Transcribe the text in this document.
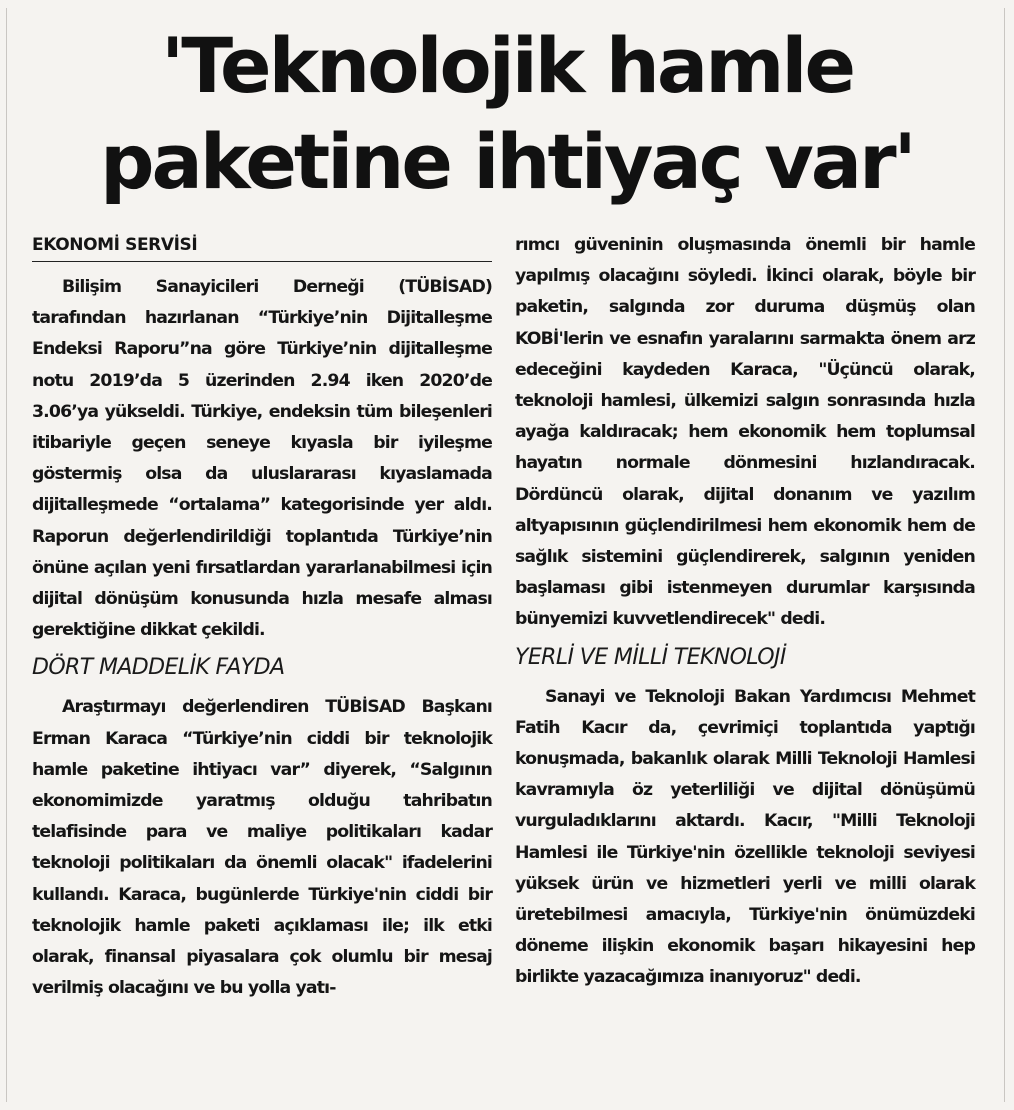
'Teknolojik hamle
paketine ihtiyaç var'
EKONOMİ SERVİSİ

Bilişim Sanayicileri Derneği (TÜBİSAD) tarafından hazırlanan “Türkiye’nin Dijitalleşme Endeksi Raporu”na göre Türkiye’nin dijitalleşme notu 2019’da 5 üzerinden 2.94 iken 2020’de 3.06’ya yükseldi. Türkiye, endeksin tüm bileşenleri itibariyle geçen seneye kıyasla bir iyileşme göstermiş olsa da uluslararası kıyaslamada dijitalleşmede “ortalama” kategorisinde yer aldı. Raporun değerlendirildiği toplantıda Türkiye’nin önüne açılan yeni fırsatlardan yararlanabilmesi için dijital dönüşüm konusunda hızla mesafe alması gerektiğine dikkat çekildi.

DÖRT MADDELİK FAYDA

Araştırmayı değerlendiren TÜBİSAD Başkanı Erman Karaca “Türkiye’nin ciddi bir teknolojik hamle paketine ihtiyacı var” diyerek, “Salgının ekonomimizde yaratmış olduğu tahribatın telafisinde para ve maliye politikaları kadar teknoloji politikaları da önemli olacak" ifadelerini kullandı. Karaca, bugünlerde Türkiye'nin ciddi bir teknolojik hamle paketi açıklaması ile; ilk etki olarak, finansal piyasalara çok olumlu bir mesaj verilmiş olacağını ve bu yolla yatı-

rımcı güveninin oluşmasında önemli bir hamle yapılmış olacağını söyledi. İkinci olarak, böyle bir paketin, salgında zor duruma düşmüş olan KOBİ'lerin ve esnafın yaralarını sarmakta önem arz edeceğini kaydeden Karaca, "Üçüncü olarak, teknoloji hamlesi, ülkemizi salgın sonrasında hızla ayağa kaldıracak; hem ekonomik hem toplumsal hayatın normale dönmesini hızlandıracak. Dördüncü olarak, dijital donanım ve yazılım altyapısının güçlendirilmesi hem ekonomik hem de sağlık sistemini güçlendirerek, salgının yeniden başlaması gibi istenmeyen durumlar karşısında bünyemizi kuvvetlendirecek" dedi.

YERLİ VE MİLLİ TEKNOLOJİ

Sanayi ve Teknoloji Bakan Yardımcısı Mehmet Fatih Kacır da, çevrimiçi toplantıda yaptığı konuşmada, bakanlık olarak Milli Teknoloji Hamlesi kavramıyla öz yeterliliği ve dijital dönüşümü vurguladıklarını aktardı. Kacır, "Milli Teknoloji Hamlesi ile Türkiye'nin özellikle teknoloji seviyesi yüksek ürün ve hizmetleri yerli ve milli olarak üretebilmesi amacıyla, Türkiye'nin önümüzdeki döneme ilişkin ekonomik başarı hikayesini hep birlikte yazacağımıza inanıyoruz" dedi.
